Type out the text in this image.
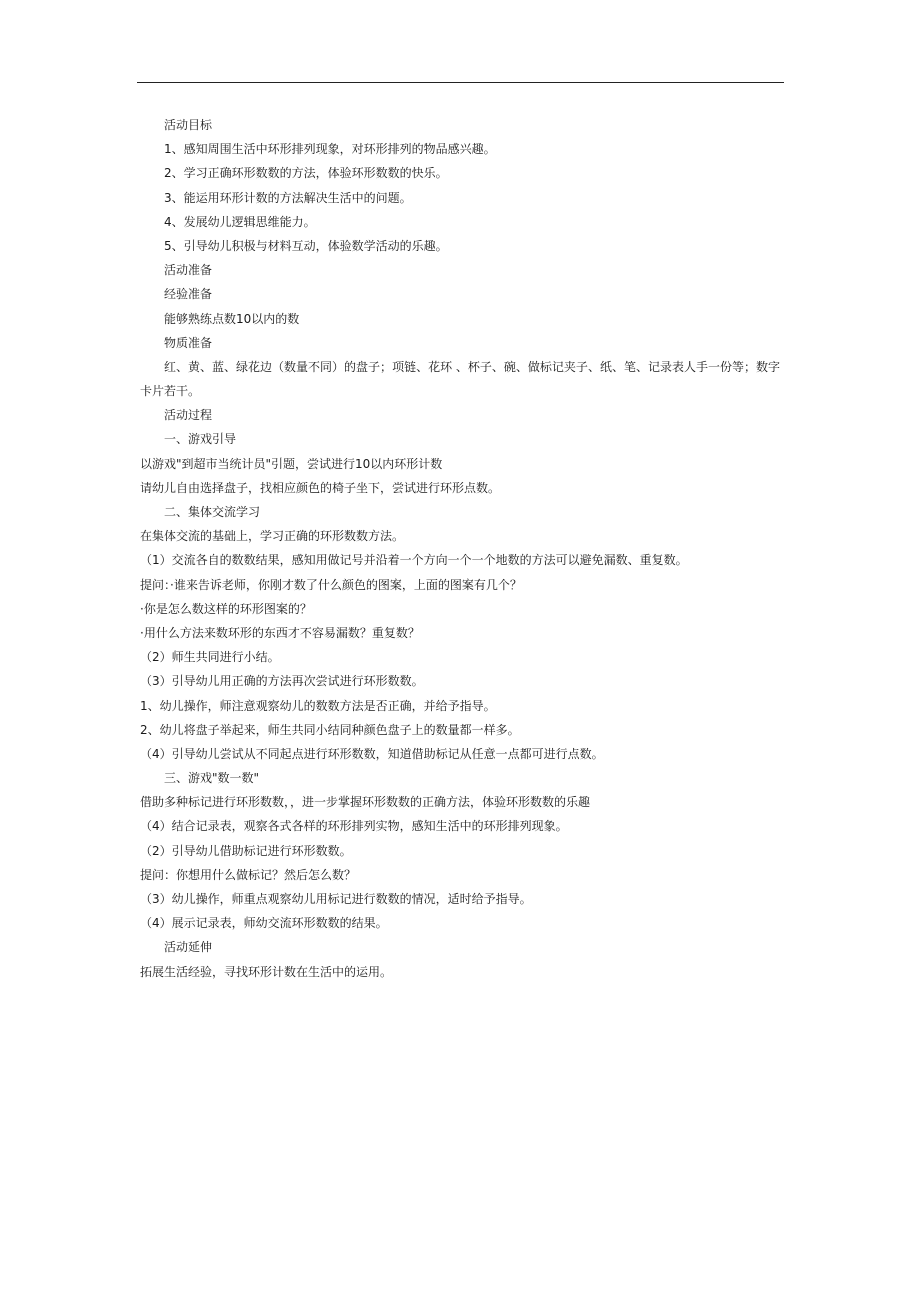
活动目标
1、感知周围生活中环形排列现象，对环形排列的物品感兴趣。
2、学习正确环形数数的方法，体验环形数数的快乐。
3、能运用环形计数的方法解决生活中的问题。
4、发展幼儿逻辑思维能力。
5、引导幼儿积极与材料互动，体验数学活动的乐趣。
活动准备
经验准备
能够熟练点数10以内的数
物质准备
红、黄、蓝、绿花边（数量不同）的盘子；项链、花环 、杯子、碗、做标记夹子、纸、笔、记录表人手一份等；数字卡片若干。
活动过程
一、游戏引导
以游戏"到超市当统计员"引题，尝试进行10以内环形计数
请幼儿自由选择盘子，找相应颜色的椅子坐下，尝试进行环形点数。
二、集体交流学习
在集体交流的基础上，学习正确的环形数数方法。
（1）交流各自的数数结果，感知用做记号并沿着一个方向一个一个地数的方法可以避免漏数、重复数。
提问：·谁来告诉老师，你刚才数了什么颜色的图案，上面的图案有几个？
·你是怎么数这样的环形图案的？
·用什么方法来数环形的东西才不容易漏数？重复数？
（2）师生共同进行小结。
（3）引导幼儿用正确的方法再次尝试进行环形数数。
1、幼儿操作，师注意观察幼儿的数数方法是否正确，并给予指导。
2、幼儿将盘子举起来，师生共同小结同种颜色盘子上的数量都一样多。
（4）引导幼儿尝试从不同起点进行环形数数，知道借助标记从任意一点都可进行点数。
三、游戏"数一数"
借助多种标记进行环形数数，，进一步掌握环形数数的正确方法，体验环形数数的乐趣
（4）结合记录表，观察各式各样的环形排列实物，感知生活中的环形排列现象。
（2）引导幼儿借助标记进行环形数数。
提问：你想用什么做标记？然后怎么数？
（3）幼儿操作，师重点观察幼儿用标记进行数数的情况，适时给予指导。
（4）展示记录表，师幼交流环形数数的结果。
活动延伸
拓展生活经验，寻找环形计数在生活中的运用。
